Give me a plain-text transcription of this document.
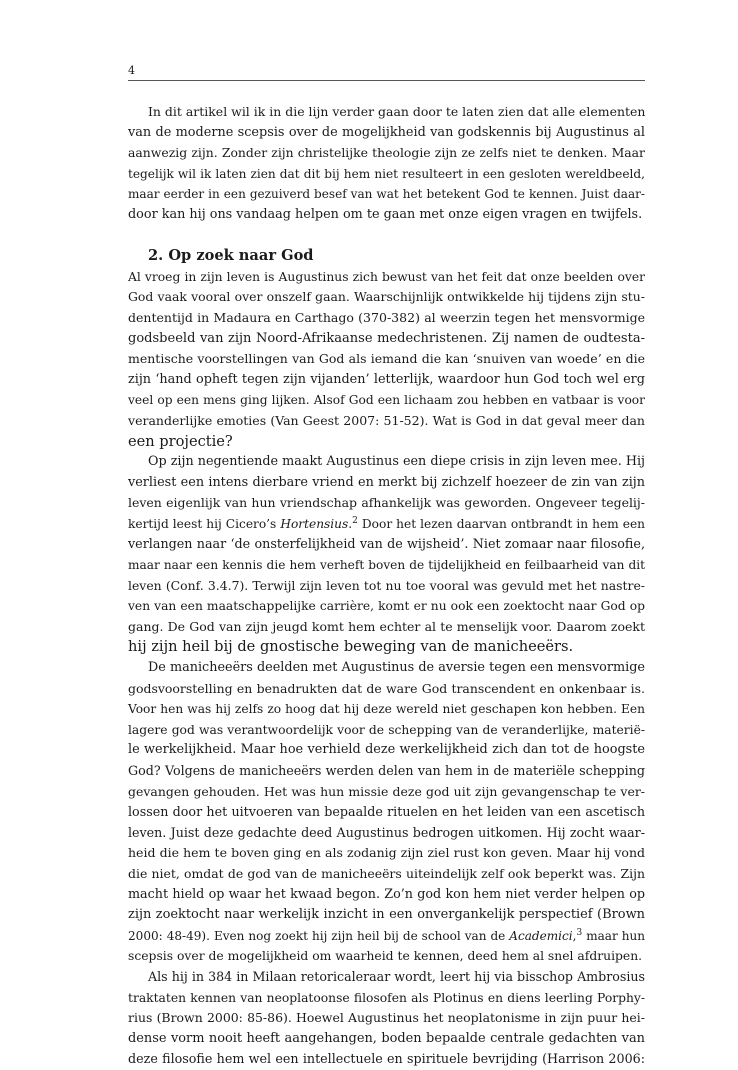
4
In dit artikel wil ik in die lijn verder gaan door te laten zien dat alle elementen
van de moderne scepsis over de mogelijkheid van godskennis bij Augustinus al
aanwezig zijn. Zonder zijn christelijke theologie zijn ze zelfs niet te denken. Maar
tegelijk wil ik laten zien dat dit bij hem niet resulteert in een gesloten wereldbeeld,
maar eerder in een gezuiverd besef van wat het betekent God te kennen. Juist daar-
door kan hij ons vandaag helpen om te gaan met onze eigen vragen en twijfels.
2. Op zoek naar God
Al vroeg in zijn leven is Augustinus zich bewust van het feit dat onze beelden over
God vaak vooral over onszelf gaan. Waarschijnlijk ontwikkelde hij tijdens zijn stu-
dententijd in Madaura en Carthago (370-382) al weerzin tegen het mensvormige
godsbeeld van zijn Noord-Afrikaanse medechristenen. Zij namen de oudtesta-
mentische voorstellingen van God als iemand die kan ‘snuiven van woede’ en die
zijn ‘hand opheft tegen zijn vijanden’ letterlijk, waardoor hun God toch wel erg
veel op een mens ging lijken. Alsof God een lichaam zou hebben en vatbaar is voor
veranderlijke emoties (Van Geest 2007: 51-52). Wat is God in dat geval meer dan
een projectie?
Op zijn negentiende maakt Augustinus een diepe crisis in zijn leven mee. Hij
verliest een intens dierbare vriend en merkt bij zichzelf hoezeer de zin van zijn
leven eigenlijk van hun vriendschap afhankelijk was geworden. Ongeveer tegelij-
kertijd leest hij Cicero’s Hortensius.$^2$ Door het lezen daarvan ontbrandt in hem een
verlangen naar ‘de onsterfelijkheid van de wijsheid’. Niet zomaar naar filosofie,
maar naar een kennis die hem verheft boven de tijdelijkheid en feilbaarheid van dit
leven (Conf. 3.4.7). Terwijl zijn leven tot nu toe vooral was gevuld met het nastre-
ven van een maatschappelijke carrière, komt er nu ook een zoektocht naar God op
gang. De God van zijn jeugd komt hem echter al te menselijk voor. Daarom zoekt
hij zijn heil bij de gnostische beweging van de manicheeërs.
De manicheeërs deelden met Augustinus de aversie tegen een mensvormige
godsvoorstelling en benadrukten dat de ware God transcendent en onkenbaar is.
Voor hen was hij zelfs zo hoog dat hij deze wereld niet geschapen kon hebben. Een
lagere god was verantwoordelijk voor de schepping van de veranderlijke, materië-
le werkelijkheid. Maar hoe verhield deze werkelijkheid zich dan tot de hoogste
God? Volgens de manicheeërs werden delen van hem in de materiële schepping
gevangen gehouden. Het was hun missie deze god uit zijn gevangenschap te ver-
lossen door het uitvoeren van bepaalde rituelen en het leiden van een ascetisch
leven. Juist deze gedachte deed Augustinus bedrogen uitkomen. Hij zocht waar-
heid die hem te boven ging en als zodanig zijn ziel rust kon geven. Maar hij vond
die niet, omdat de god van de manicheeërs uiteindelijk zelf ook beperkt was. Zijn
macht hield op waar het kwaad begon. Zo’n god kon hem niet verder helpen op
zijn zoektocht naar werkelijk inzicht in een onvergankelijk perspectief (Brown
2000: 48-49). Even nog zoekt hij zijn heil bij de school van de Academici,$^3$ maar hun
scepsis over de mogelijkheid om waarheid te kennen, deed hem al snel afdruipen.
Als hij in 384 in Milaan retoricaleraar wordt, leert hij via bisschop Ambrosius
traktaten kennen van neoplatoonse filosofen als Plotinus en diens leerling Porphy-
rius (Brown 2000: 85-86). Hoewel Augustinus het neoplatonisme in zijn puur hei-
dense vorm nooit heeft aangehangen, boden bepaalde centrale gedachten van
deze filosofie hem wel een intellectuele en spirituele bevrijding (Harrison 2006:
